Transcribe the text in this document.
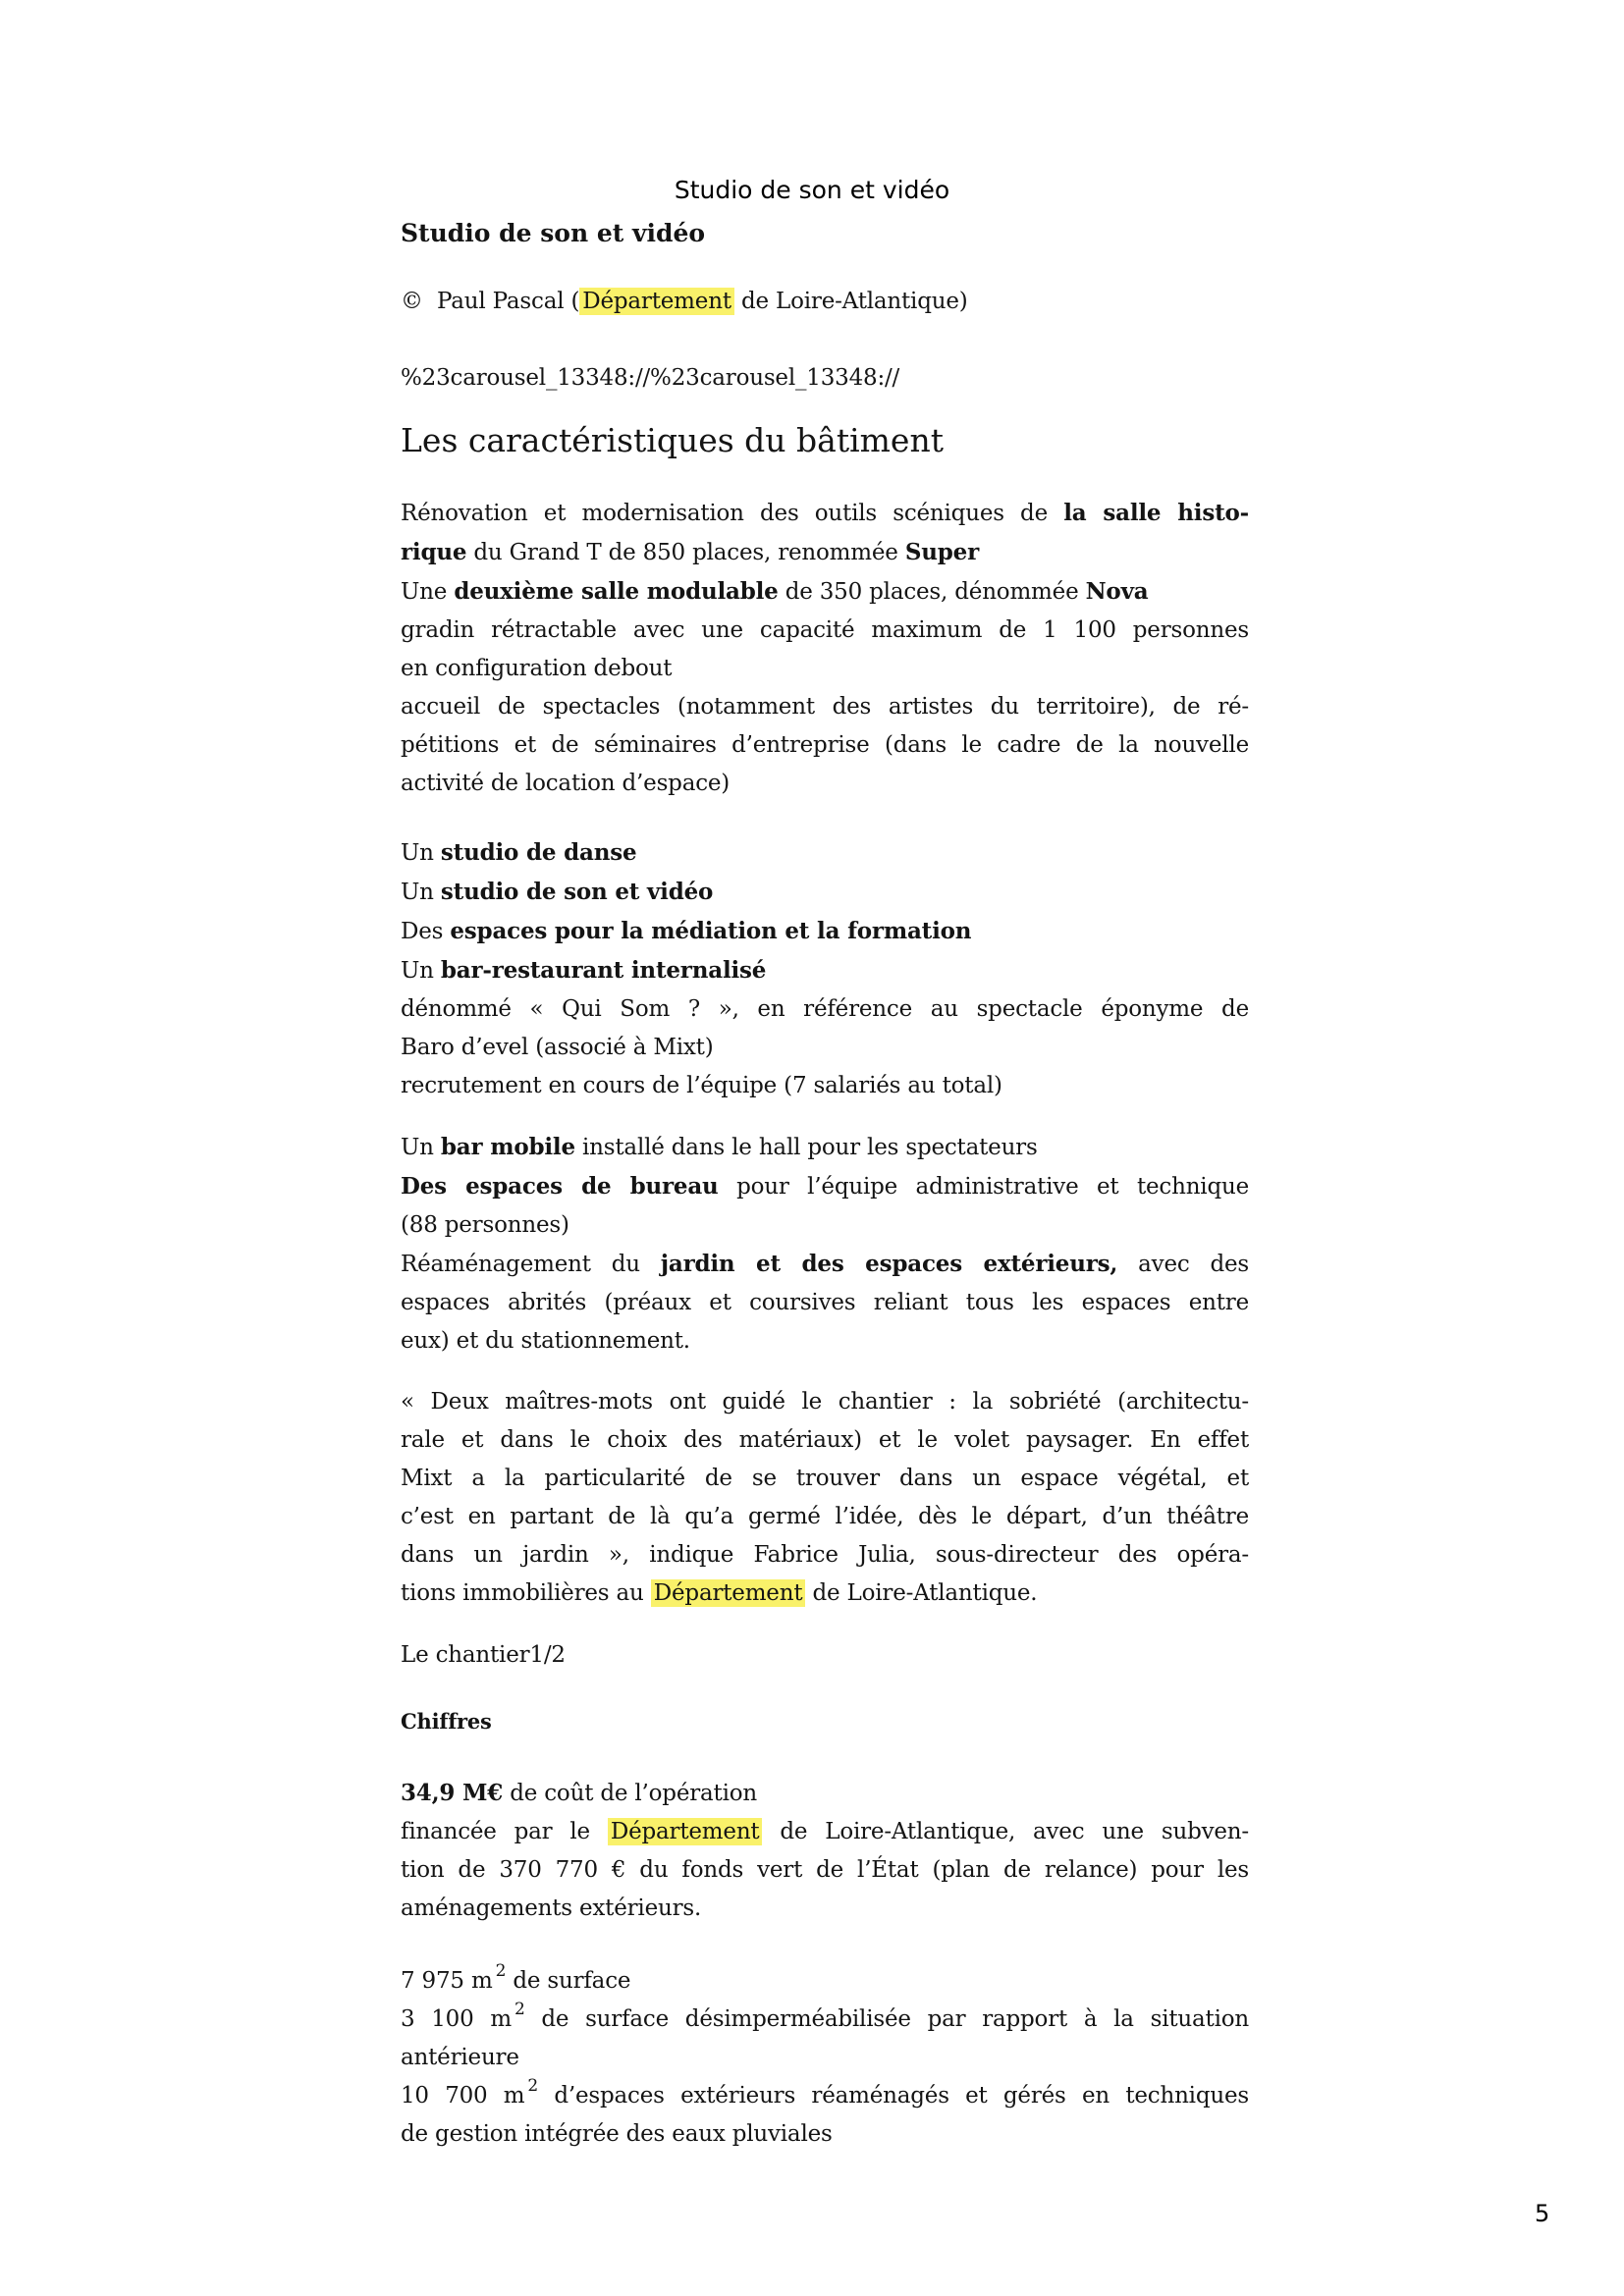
Studio de son et vidéo
Studio de son et vidéo
©  Paul Pascal ( Département de Loire-Atlantique)
%23carousel_13348://%23carousel_13348://
Les caractéristiques du bâtiment
Rénovation et modernisation des outils scéniques de la salle histo-
rique du Grand T de 850 places, renommée Super
Une deuxième salle modulable de 350 places, dénommée Nova
gradin rétractable avec une capacité maximum de 1 100 personnes
en configuration debout
accueil de spectacles (notamment des artistes du territoire), de ré-
pétitions et de séminaires d’entreprise (dans le cadre de la nouvelle
activité de location d’espace)
Un studio de danse
Un studio de son et vidéo
Des espaces pour la médiation et la formation
Un bar-restaurant internalisé
dénommé « Qui Som ? », en référence au spectacle éponyme de
Baro d’evel (associé à Mixt)
recrutement en cours de l’équipe (7 salariés au total)
Un bar mobile installé dans le hall pour les spectateurs
Des espaces de bureau pour l’équipe administrative et technique
(88 personnes)
Réaménagement du jardin et des espaces extérieurs, avec des
espaces abrités (préaux et coursives reliant tous les espaces entre
eux) et du stationnement.
« Deux maîtres-mots ont guidé le chantier : la sobriété (architectu-
rale et dans le choix des matériaux) et le volet paysager. En effet
Mixt a la particularité de se trouver dans un espace végétal, et
c’est en partant de là qu’a germé l’idée, dès le départ, d’un théâtre
dans un jardin », indique Fabrice Julia, sous-directeur des opéra-
tions immobilières au Département de Loire-Atlantique.
Le chantier1/2
Chiffres
34,9 M€ de coût de l’opération
financée par le Département de Loire-Atlantique, avec une subven-
tion de 370 770 € du fonds vert de l’État (plan de relance) pour les
aménagements extérieurs.
7 975 m $^2$ de surface
3 100 m $^2$ de surface désimperméabilisée par rapport à la situation
antérieure
10 700 m $^2$ d’espaces extérieurs réaménagés et gérés en techniques
de gestion intégrée des eaux pluviales
5
